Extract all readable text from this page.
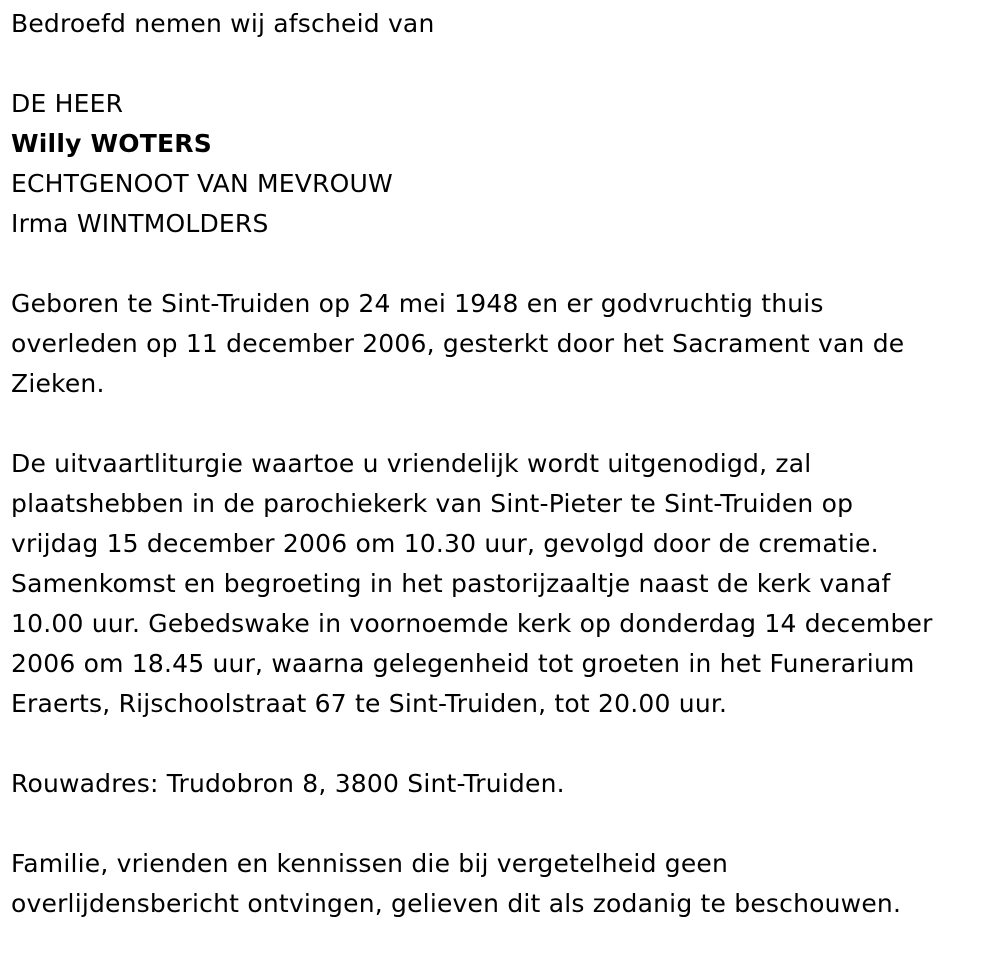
Bedroefd nemen wij afscheid van
DE HEER
Willy WOTERS
ECHTGENOOT VAN MEVROUW
Irma WINTMOLDERS
Geboren te Sint-Truiden op 24 mei 1948 en er godvruchtig thuis
overleden op 11 december 2006, gesterkt door het Sacrament van de
Zieken.
De uitvaartliturgie waartoe u vriendelijk wordt uitgenodigd, zal
plaatshebben in de parochiekerk van Sint-Pieter te Sint-Truiden op
vrijdag 15 december 2006 om 10.30 uur, gevolgd door de crematie.
Samenkomst en begroeting in het pastorijzaaltje naast de kerk vanaf
10.00 uur. Gebedswake in voornoemde kerk op donderdag 14 december
2006 om 18.45 uur, waarna gelegenheid tot groeten in het Funerarium
Eraerts, Rijschoolstraat 67 te Sint-Truiden, tot 20.00 uur.
Rouwadres: Trudobron 8, 3800 Sint-Truiden.
Familie, vrienden en kennissen die bij vergetelheid geen
overlijdensbericht ontvingen, gelieven dit als zodanig te beschouwen.
